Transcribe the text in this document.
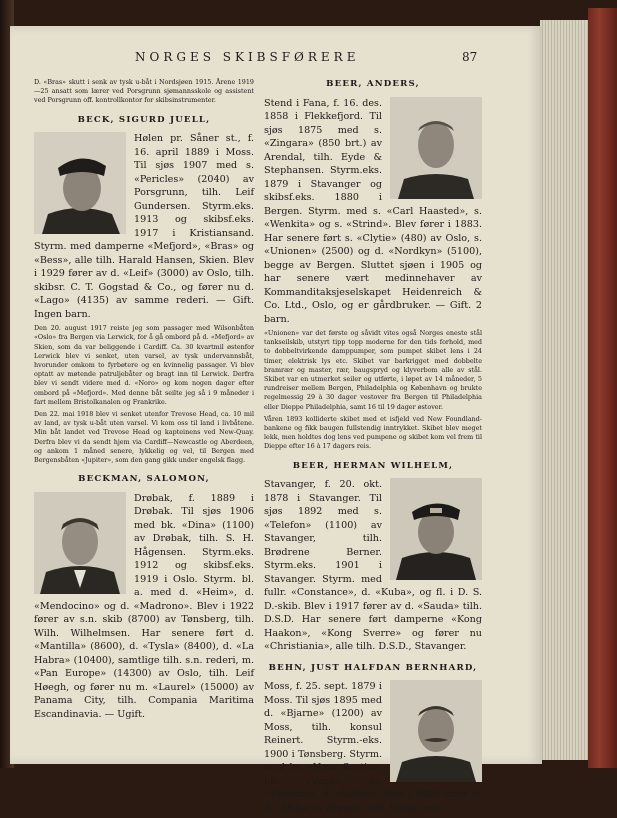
NORGES SKIBSFØRERE	87

D. «Bras» skutt i senk av tysk u-båt i Nordsjøen 1915. Årene 1919—25 ansatt som lærer ved Porsgrunn sjømannsskole og assistent ved Porsgrunn off. kontrollkontor for skibsinstrumenter.

BECK, SIGURD JUELL,

Hølen pr. Såner st., f. 16. april 1889 i Moss. Til sjøs 1907 med s. «Pericles» (2040) av Porsgrunn, tilh. Leif Gundersen. Styrm.eks. 1913 og skibsf.eks. 1917 i Kristiansand. Styrm. med damperne «Mefjord», «Bras» og «Bess», alle tilh. Harald Hansen, Skien. Blev i 1929 fører av d. «Leif» (3000) av Oslo, tilh. skibsr. C. T. Gogstad & Co., og fører nu d. «Lago» (4135) av samme rederi. — Gift. Ingen barn.

Den 20. august 1917 reiste jeg som passager med Wilsonbåten «Oslo» fra Bergen via Lerwick, for å gå ombord på d. «Mefjord» av Skien, som da var beliggende i Cardiff. Ca. 30 kvartmil østenfor Lerwick blev vi senket, uten varsel, av tysk undervannsbåt, hvorunder omkom to fyrbøtere og en kvinnelig passager. Vi blev optatt av møtende patruljebåter og bragt inn til Lerwick. Derfra blev vi sendt videre med d. «Noro» og kom nogen dager efter ombord på «Mefjord». Med denne båt seilte jeg så i 9 måneder i fart mellem Bristolkanalen og Frankrike.

Den 22. mai 1918 blev vi senket utenfor Trevose Head, ca. 10 mil av land, av tysk u-båt uten varsel. Vi kom oss til land i livbåtene. Min båt landet ved Trevose Head og kapteinens ved New-Quay. Derfra blev vi da sendt hjem via Cardiff—Newcastle og Aberdeen, og ankom 1 måned senere, lykkelig og vel, til Bergen med Bergensbåten «Jupiter», som den gang gikk under engelsk flagg.

BECKMAN, SALOMON,

Drøbak, f. 1889 i Drøbak. Til sjøs 1906 med bk. «Dina» (1100) av Drøbak, tilh. S. H. Hågensen. Styrm.eks. 1912 og skibsf.eks. 1919 i Oslo. Styrm. bl. a. med d. «Heim», d. «Mendocino» og d. «Madrono». Blev i 1922 fører av s.n. skib (8700) av Tønsberg, tilh. Wilh. Wilhelmsen. Har senere ført d. «Mantilla» (8600), d. «Tysla» (8400), d. «La Habra» (10400), samtlige tilh. s.n. rederi, m. «Pan Europe» (14300) av Oslo, tilh. Leif Høegh, og fører nu m. «Laurel» (15000) av Panama City, tilh. Compania Maritima Escandinavia. — Ugift.

BEER, ANDERS,

Stend i Fana, f. 16. des. 1858 i Flekkefjord. Til sjøs 1875 med s. «Zingara» (850 brt.) av Arendal, tilh. Eyde & Stephansen. Styrm.eks. 1879 i Stavanger og skibsf.eks. 1880 i Bergen. Styrm. med s. «Carl Haasted», s. «Wenkita» og s. «Strind». Blev fører i 1883. Har senere ført s. «Clytie» (480) av Oslo, s. «Unionen» (2500) og d. «Nordkyn» (5100), begge av Bergen. Sluttet sjøen i 1905 og har senere vært medinnehaver av Kommanditaksjeselskapet Heidenreich & Co. Ltd., Oslo, og er gårdbruker. — Gift. 2 barn.

«Unionen» var det første og såvidt vites også Norges eneste stål tankseilskib, utstyrt tipp topp moderne for den tids forhold, med to dobbeltvirkende damppumper, som pumpet skibet lens i 24 timer, elektrisk lys etc. Skibet var barkrigget med dobbelte bramrær og master, rær, baugspryd og klyverbom alle av stål. Skibet var en utmerket seiler og utførte, i løpet av 14 måneder, 5 rundreiser mellem Bergen, Philadelphia og København og brukte regelmessig 29 à 30 dager vestover fra Bergen til Philadelphia eller Dieppe Philadelphia, samt 16 til 19 dager østover.

Våren 1893 kolliderte skibet med et isfjeld ved New Foundland-bankene og fikk baugen fullstendig inntrykket. Skibet blev meget lekk, men holdtes dog lens ved pumpene og skibet kom vel frem til Dieppe efter 16 à 17 dagers reis.

BEER, HERMAN WILHELM,

Stavanger, f. 20. okt. 1878 i Stavanger. Til sjøs 1892 med s. «Telefon» (1100) av Stavanger, tilh. Brødrene Berner. Styrm.eks. 1901 i Stavanger. Styrm. med fullr. «Constance», d. «Kuba», og fl. i D. S. D.-skib. Blev i 1917 fører av d. «Sauda» tilh. D.S.D. Har senere ført damperne «Kong Haakon», «Kong Sverre» og fører nu «Christiania», alle tilh. D.S.D., Stavanger.

BEHN, JUST HALFDAN BERNHARD,

Moss, f. 25. sept. 1879 i Moss. Til sjøs 1895 med d. «Bjarne» (1200) av Moss, tilh. konsul Reinert. Styrm.-eks. 1900 i Tønsberg. Styrm. med br. «Nova Scotia», bk. «Vega», br. «Theodor», d. «Valhal». Blev i 1905 fører av d. «Mils» av Bryssel, tilh. l'Etat Inde-
